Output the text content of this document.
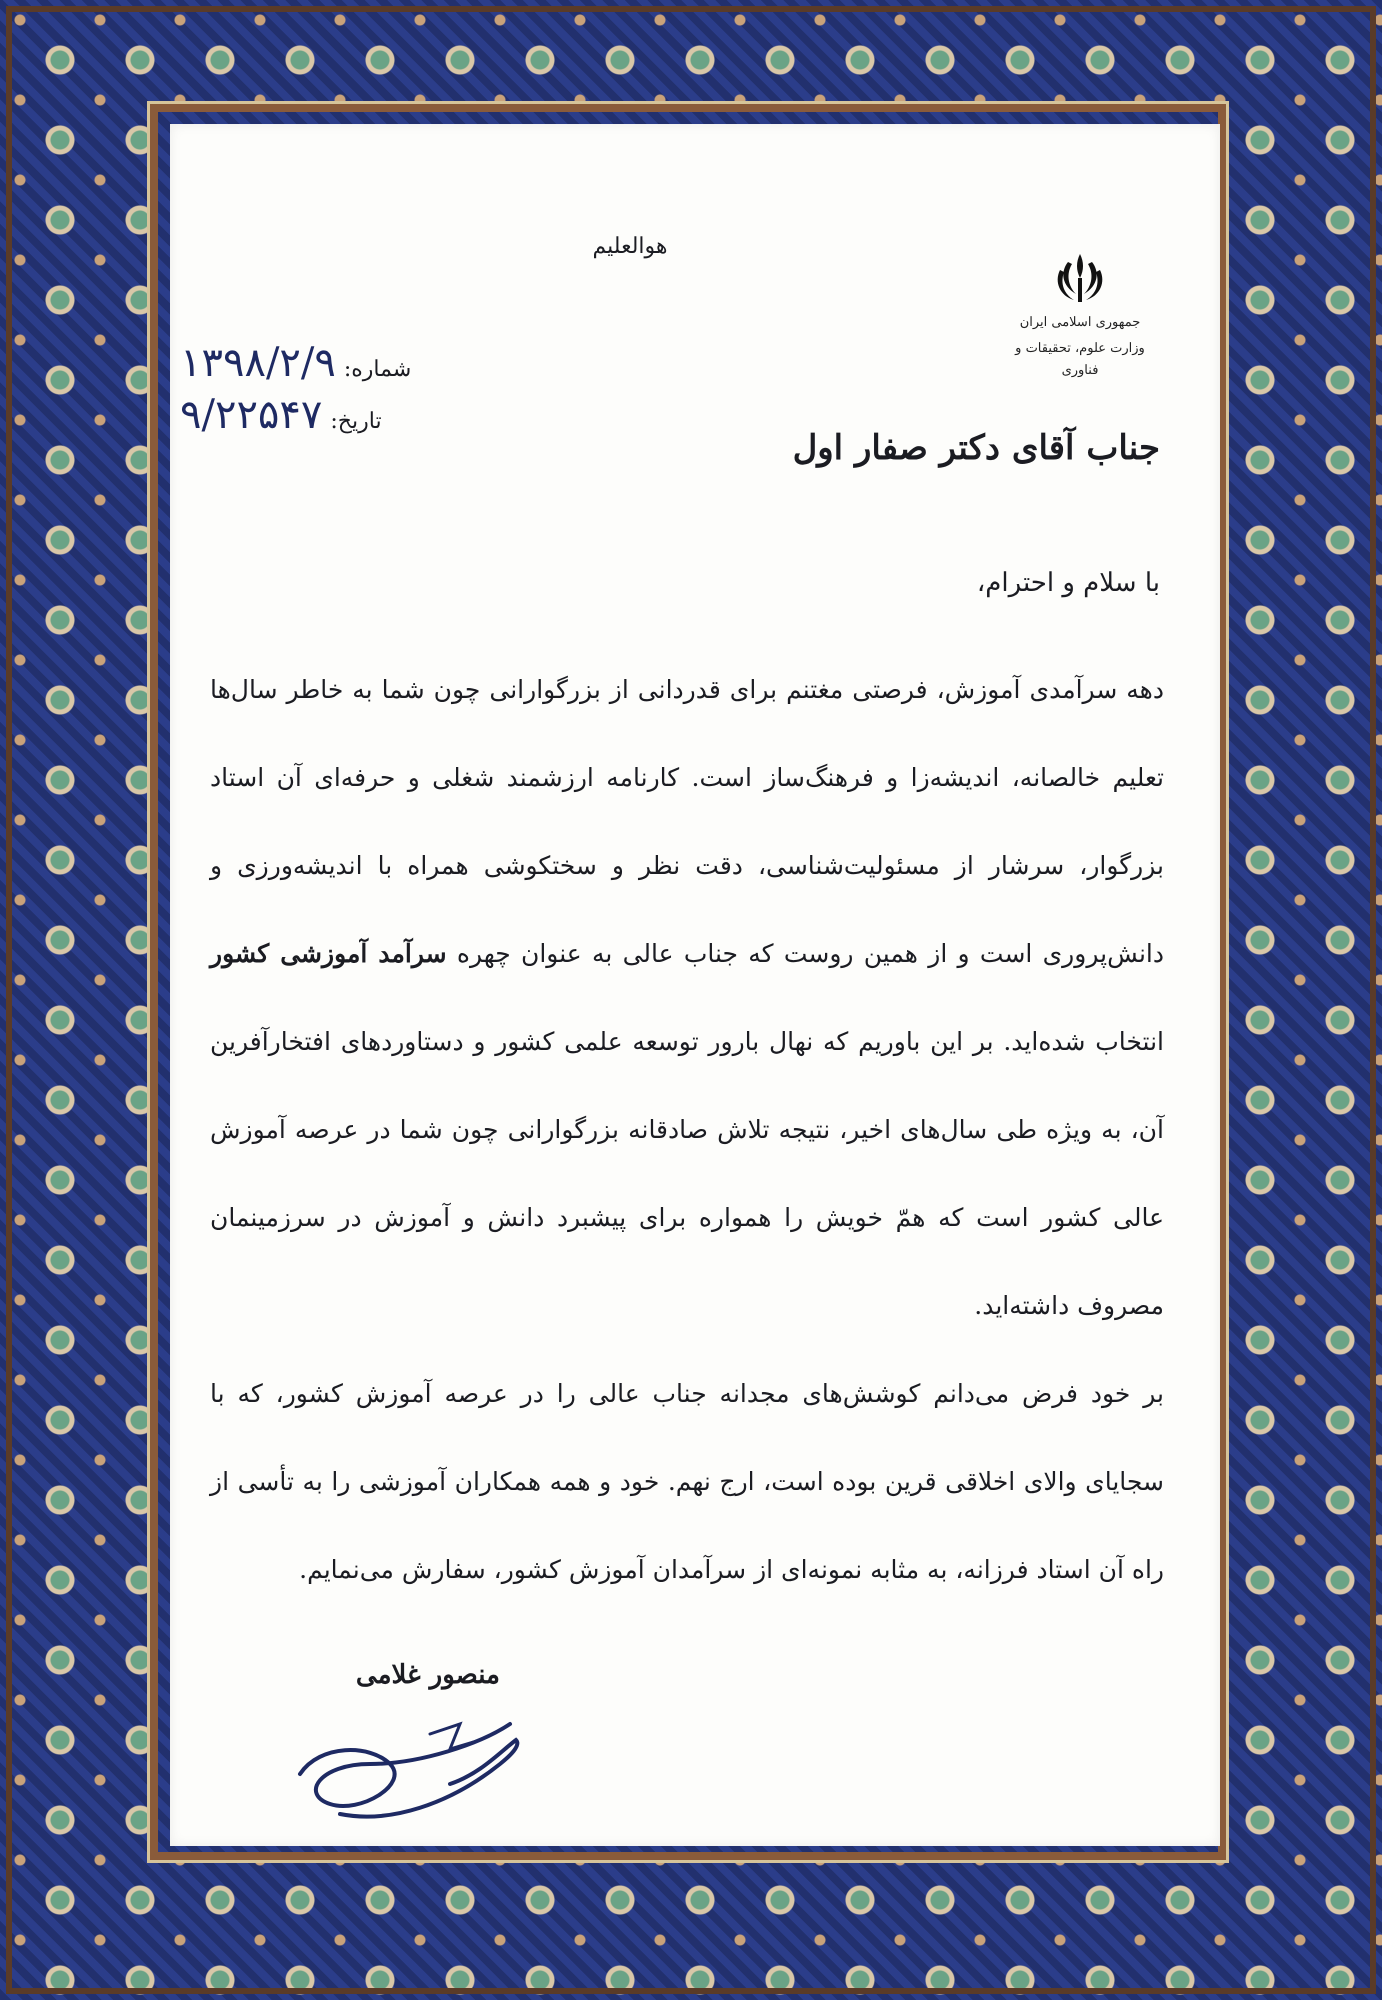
هوالعلیم
جمهوری اسلامی ایران
وزارت علوم، تحقیقات و فناوری
۱۳۹۸/۲/۹ شماره:
۹/۲۲۵۴۷ تاریخ:
جناب آقای دکتر صفار اول
با سلام و احترام،

دهه سرآمدی آموزش، فرصتی مغتنم برای قدردانی از بزرگوارانی چون شما به خاطر سال‌ها تعلیم خالصانه، اندیشه‌زا و فرهنگ‌ساز است. کارنامه ارزشمند شغلی و حرفه‌ای آن استاد بزرگوار، سرشار از مسئولیت‌شناسی، دقت نظر و سختکوشی همراه با اندیشه‌ورزی و دانش‌پروری است و از همین روست که جناب عالی به عنوان چهره سرآمد آموزشی کشور انتخاب شده‌اید. بر این باوریم که نهال بارور توسعه علمی کشور و دستاوردهای افتخارآفرین آن، به ویژه طی سال‌های اخیر، نتیجه تلاش صادقانه بزرگوارانی چون شما در عرصه آموزش عالی کشور است که همّ خویش را همواره برای پیشبرد دانش و آموزش در سرزمینمان مصروف داشته‌اید.

بر خود فرض می‌دانم کوشش‌های مجدانه جناب عالی را در عرصه آموزش کشور، که با سجایای والای اخلاقی قرین بوده است، ارج نهم. خود و همه همکاران آموزشی را به تأسی از راه آن استاد فرزانه، به مثابه نمونه‌ای از سرآمدان آموزش کشور، سفارش می‌نمایم.

منصور غلامی
